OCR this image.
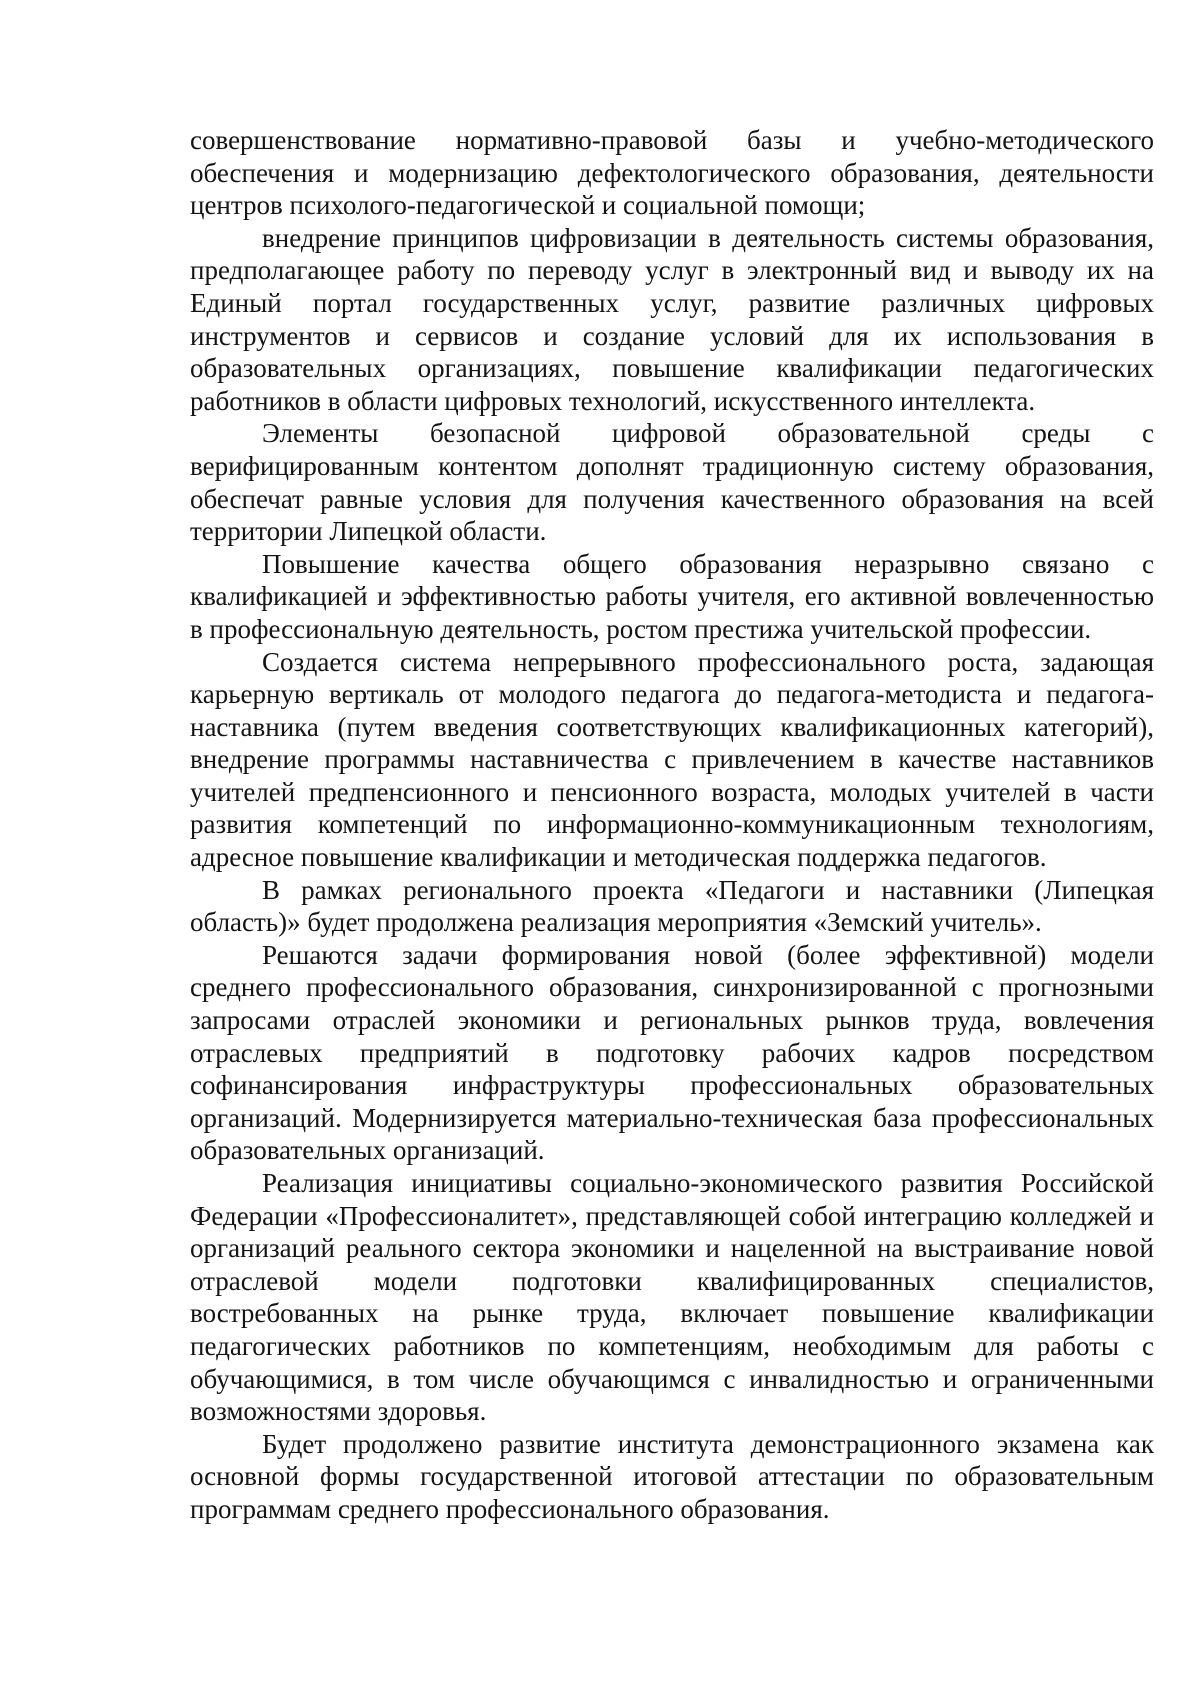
совершенствование нормативно-правовой базы и учебно-методического обеспечения и модернизацию дефектологического образования, деятельности центров психолого-педагогической и социальной помощи;

внедрение принципов цифровизации в деятельность системы образования, предполагающее работу по переводу услуг в электронный вид и выводу их на Единый портал государственных услуг, развитие различных цифровых инструментов и сервисов и создание условий для их использования в образовательных организациях, повышение квалификации педагогических работников в области цифровых технологий, искусственного интеллекта.

Элементы безопасной цифровой образовательной среды с верифицированным контентом дополнят традиционную систему образования, обеспечат равные условия для получения качественного образования на всей территории Липецкой области.

Повышение качества общего образования неразрывно связано с квалификацией и эффективностью работы учителя, его активной вовлеченностью в профессиональную деятельность, ростом престижа учительской профессии.

Создается система непрерывного профессионального роста, задающая карьерную вертикаль от молодого педагога до педагога-методиста и педагога-наставника (путем введения соответствующих квалификационных категорий), внедрение программы наставничества с привлечением в качестве наставников учителей предпенсионного и пенсионного возраста, молодых учителей в части развития компетенций по информационно-коммуникационным технологиям, адресное повышение квалификации и методическая поддержка педагогов.

В рамках регионального проекта «Педагоги и наставники (Липецкая область)» будет продолжена реализация мероприятия «Земский учитель».

Решаются задачи формирования новой (более эффективной) модели среднего профессионального образования, синхронизированной с прогнозными запросами отраслей экономики и региональных рынков труда, вовлечения отраслевых предприятий в подготовку рабочих кадров посредством софинансирования инфраструктуры профессиональных образовательных организаций. Модернизируется материально-техническая база профессиональных образовательных организаций.

Реализация инициативы социально-экономического развития Российской Федерации «Профессионалитет», представляющей собой интеграцию колледжей и организаций реального сектора экономики и нацеленной на выстраивание новой отраслевой модели подготовки квалифицированных специалистов, востребованных на рынке труда, включает повышение квалификации педагогических работников по компетенциям, необходимым для работы с обучающимися, в том числе обучающимся с инвалидностью и ограниченными возможностями здоровья.

Будет продолжено развитие института демонстрационного экзамена как основной формы государственной итоговой аттестации по образовательным программам среднего профессионального образования.
